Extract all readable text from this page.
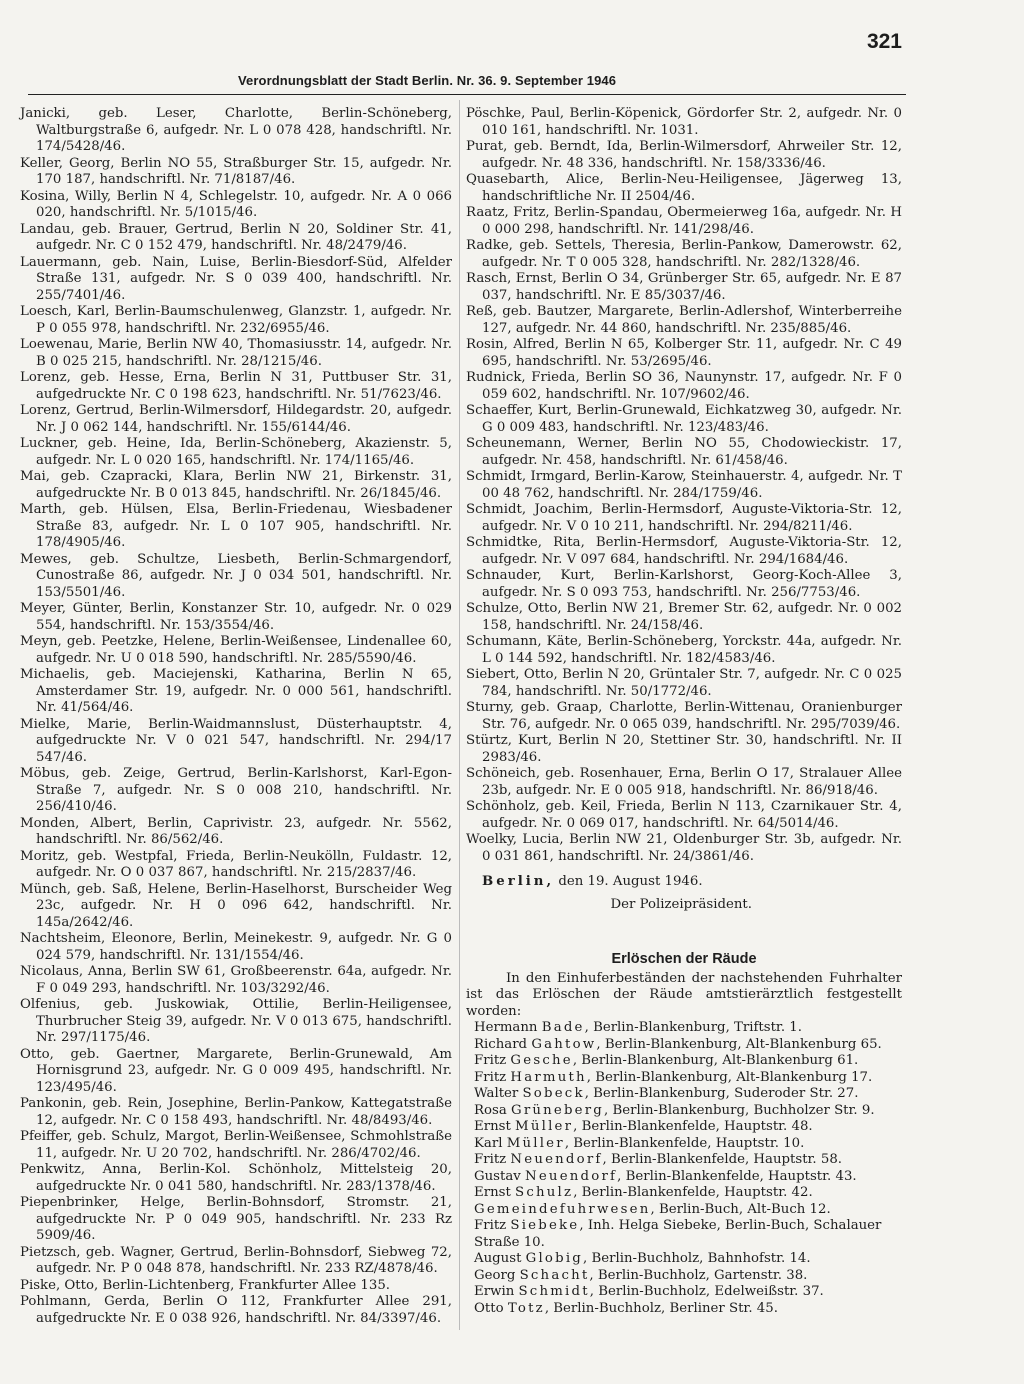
321
Verordnungsblatt der Stadt Berlin. Nr. 36. 9. September 1946

Janicki, geb. Leser, Charlotte, Berlin-Schöneberg, Waltburgstraße 6, aufgedr. Nr. L 0 078 428, handschriftl. Nr. 174/5428/46.

Keller, Georg, Berlin NO 55, Straßburger Str. 15, aufgedr. Nr. 170 187, handschriftl. Nr. 71/8187/46.

Kosina, Willy, Berlin N 4, Schlegelstr. 10, aufgedr. Nr. A 0 066 020, handschriftl. Nr. 5/1015/46.

Landau, geb. Brauer, Gertrud, Berlin N 20, Soldiner Str. 41, aufgedr. Nr. C 0 152 479, handschriftl. Nr. 48/2479/46.

Lauermann, geb. Nain, Luise, Berlin-Biesdorf-Süd, Alfelder Straße 131, aufgedr. Nr. S 0 039 400, handschriftl. Nr. 255/7401/46.

Loesch, Karl, Berlin-Baumschulenweg, Glanzstr. 1, aufgedr. Nr. P 0 055 978, handschriftl. Nr. 232/6955/46.

Loewenau, Marie, Berlin NW 40, Thomasiusstr. 14, aufgedr. Nr. B 0 025 215, handschriftl. Nr. 28/1215/46.

Lorenz, geb. Hesse, Erna, Berlin N 31, Puttbuser Str. 31, aufgedruckte Nr. C 0 198 623, handschriftl. Nr. 51/7623/46.

Lorenz, Gertrud, Berlin-Wilmersdorf, Hildegardstr. 20, aufgedr. Nr. J 0 062 144, handschriftl. Nr. 155/6144/46.

Luckner, geb. Heine, Ida, Berlin-Schöneberg, Akazienstr. 5, aufgedr. Nr. L 0 020 165, handschriftl. Nr. 174/1165/46.

Mai, geb. Czapracki, Klara, Berlin NW 21, Birkenstr. 31, aufgedruckte Nr. B 0 013 845, handschriftl. Nr. 26/1845/46.

Marth, geb. Hülsen, Elsa, Berlin-Friedenau, Wiesbadener Straße 83, aufgedr. Nr. L 0 107 905, handschriftl. Nr. 178/4905/46.

Mewes, geb. Schultze, Liesbeth, Berlin-Schmargendorf, Cunostraße 86, aufgedr. Nr. J 0 034 501, handschriftl. Nr. 153/5501/46.

Meyer, Günter, Berlin, Konstanzer Str. 10, aufgedr. Nr. 0 029 554, handschriftl. Nr. 153/3554/46.

Meyn, geb. Peetzke, Helene, Berlin-Weißensee, Lindenallee 60, aufgedr. Nr. U 0 018 590, handschriftl. Nr. 285/5590/46.

Michaelis, geb. Maciejenski, Katharina, Berlin N 65, Amsterdamer Str. 19, aufgedr. Nr. 0 000 561, handschriftl. Nr. 41/564/46.

Mielke, Marie, Berlin-Waidmannslust, Düsterhauptstr. 4, aufgedruckte Nr. V 0 021 547, handschriftl. Nr. 294/17 547/46.

Möbus, geb. Zeige, Gertrud, Berlin-Karlshorst, Karl-Egon-Straße 7, aufgedr. Nr. S 0 008 210, handschriftl. Nr. 256/410/46.

Monden, Albert, Berlin, Caprivistr. 23, aufgedr. Nr. 5562, handschriftl. Nr. 86/562/46.

Moritz, geb. Westpfal, Frieda, Berlin-Neukölln, Fuldastr. 12, aufgedr. Nr. O 0 037 867, handschriftl. Nr. 215/2837/46.

Münch, geb. Saß, Helene, Berlin-Haselhorst, Burscheider Weg 23c, aufgedr. Nr. H 0 096 642, handschriftl. Nr. 145a/2642/46.

Nachtsheim, Eleonore, Berlin, Meinekestr. 9, aufgedr. Nr. G 0 024 579, handschriftl. Nr. 131/1554/46.

Nicolaus, Anna, Berlin SW 61, Großbeerenstr. 64a, aufgedr. Nr. F 0 049 293, handschriftl. Nr. 103/3292/46.

Olfenius, geb. Juskowiak, Ottilie, Berlin-Heiligensee, Thurbrucher Steig 39, aufgedr. Nr. V 0 013 675, handschriftl. Nr. 297/1175/46.

Otto, geb. Gaertner, Margarete, Berlin-Grunewald, Am Hornisgrund 23, aufgedr. Nr. G 0 009 495, handschriftl. Nr. 123/495/46.

Pankonin, geb. Rein, Josephine, Berlin-Pankow, Kattegatstraße 12, aufgedr. Nr. C 0 158 493, handschriftl. Nr. 48/8493/46.

Pfeiffer, geb. Schulz, Margot, Berlin-Weißensee, Schmohlstraße 11, aufgedr. Nr. U 20 702, handschriftl. Nr. 286/4702/46.

Penkwitz, Anna, Berlin-Kol. Schönholz, Mittelsteig 20, aufgedruckte Nr. 0 041 580, handschriftl. Nr. 283/1378/46.

Piepenbrinker, Helge, Berlin-Bohnsdorf, Stromstr. 21, aufgedruckte Nr. P 0 049 905, handschriftl. Nr. 233 Rz 5909/46.

Pietzsch, geb. Wagner, Gertrud, Berlin-Bohnsdorf, Siebweg 72, aufgedr. Nr. P 0 048 878, handschriftl. Nr. 233 RZ/4878/46.

Piske, Otto, Berlin-Lichtenberg, Frankfurter Allee 135.

Pohlmann, Gerda, Berlin O 112, Frankfurter Allee 291, aufgedruckte Nr. E 0 038 926, handschriftl. Nr. 84/3397/46.

Pöschke, Paul, Berlin-Köpenick, Gördorfer Str. 2, aufgedr. Nr. 0 010 161, handschriftl. Nr. 1031.

Purat, geb. Berndt, Ida, Berlin-Wilmersdorf, Ahrweiler Str. 12, aufgedr. Nr. 48 336, handschriftl. Nr. 158/3336/46.

Quasebarth, Alice, Berlin-Neu-Heiligensee, Jägerweg 13, handschriftliche Nr. II 2504/46.

Raatz, Fritz, Berlin-Spandau, Obermeierweg 16a, aufgedr. Nr. H 0 000 298, handschriftl. Nr. 141/298/46.

Radke, geb. Settels, Theresia, Berlin-Pankow, Damerowstr. 62, aufgedr. Nr. T 0 005 328, handschriftl. Nr. 282/1328/46.

Rasch, Ernst, Berlin O 34, Grünberger Str. 65, aufgedr. Nr. E 87 037, handschriftl. Nr. E 85/3037/46.

Reß, geb. Bautzer, Margarete, Berlin-Adlershof, Winterberreihe 127, aufgedr. Nr. 44 860, handschriftl. Nr. 235/885/46.

Rosin, Alfred, Berlin N 65, Kolberger Str. 11, aufgedr. Nr. C 49 695, handschriftl. Nr. 53/2695/46.

Rudnick, Frieda, Berlin SO 36, Naunynstr. 17, aufgedr. Nr. F 0 059 602, handschriftl. Nr. 107/9602/46.

Schaeffer, Kurt, Berlin-Grunewald, Eichkatzweg 30, aufgedr. Nr. G 0 009 483, handschriftl. Nr. 123/483/46.

Scheunemann, Werner, Berlin NO 55, Chodowieckistr. 17, aufgedr. Nr. 458, handschriftl. Nr. 61/458/46.

Schmidt, Irmgard, Berlin-Karow, Steinhauerstr. 4, aufgedr. Nr. T 00 48 762, handschriftl. Nr. 284/1759/46.

Schmidt, Joachim, Berlin-Hermsdorf, Auguste-Viktoria-Str. 12, aufgedr. Nr. V 0 10 211, handschriftl. Nr. 294/8211/46.

Schmidtke, Rita, Berlin-Hermsdorf, Auguste-Viktoria-Str. 12, aufgedr. Nr. V 097 684, handschriftl. Nr. 294/1684/46.

Schnauder, Kurt, Berlin-Karlshorst, Georg-Koch-Allee 3, aufgedr. Nr. S 0 093 753, handschriftl. Nr. 256/7753/46.

Schulze, Otto, Berlin NW 21, Bremer Str. 62, aufgedr. Nr. 0 002 158, handschriftl. Nr. 24/158/46.

Schumann, Käte, Berlin-Schöneberg, Yorckstr. 44a, aufgedr. Nr. L 0 144 592, handschriftl. Nr. 182/4583/46.

Siebert, Otto, Berlin N 20, Grüntaler Str. 7, aufgedr. Nr. C 0 025 784, handschriftl. Nr. 50/1772/46.

Sturny, geb. Graap, Charlotte, Berlin-Wittenau, Oranienburger Str. 76, aufgedr. Nr. 0 065 039, handschriftl. Nr. 295/7039/46.

Stürtz, Kurt, Berlin N 20, Stettiner Str. 30, handschriftl. Nr. II 2983/46.

Schöneich, geb. Rosenhauer, Erna, Berlin O 17, Stralauer Allee 23b, aufgedr. Nr. E 0 005 918, handschriftl. Nr. 86/918/46.

Schönholz, geb. Keil, Frieda, Berlin N 113, Czarnikauer Str. 4, aufgedr. Nr. 0 069 017, handschriftl. Nr. 64/5014/46.

Woelky, Lucia, Berlin NW 21, Oldenburger Str. 3b, aufgedr. Nr. 0 031 861, handschriftl. Nr. 24/3861/46.

Berlin, den 19. August 1946.
Der Polizeipräsident.
Erlöschen der Räude

In den Einhuferbeständen der nachstehenden Fuhrhalter ist das Erlöschen der Räude amtstierärztlich festgestellt worden:

Hermann Bade, Berlin-Blankenburg, Triftstr. 1.
Richard Gahtow, Berlin-Blankenburg, Alt-Blankenburg 65.
Fritz Gesche, Berlin-Blankenburg, Alt-Blankenburg 61.
Fritz Harmuth, Berlin-Blankenburg, Alt-Blankenburg 17.
Walter Sobeck, Berlin-Blankenburg, Suderoder Str. 27.
Rosa Grüneberg, Berlin-Blankenburg, Buchholzer Str. 9.
Ernst Müller, Berlin-Blankenfelde, Hauptstr. 48.
Karl Müller, Berlin-Blankenfelde, Hauptstr. 10.
Fritz Neuendorf, Berlin-Blankenfelde, Hauptstr. 58.
Gustav Neuendorf, Berlin-Blankenfelde, Hauptstr. 43.
Ernst Schulz, Berlin-Blankenfelde, Hauptstr. 42.
Gemeindefuhrwesen, Berlin-Buch, Alt-Buch 12.
Fritz Siebeke, Inh. Helga Siebeke, Berlin-Buch, Schalauer Straße 10.
August Globig, Berlin-Buchholz, Bahnhofstr. 14.
Georg Schacht, Berlin-Buchholz, Gartenstr. 38.
Erwin Schmidt, Berlin-Buchholz, Edelweißstr. 37.
Otto Totz, Berlin-Buchholz, Berliner Str. 45.
